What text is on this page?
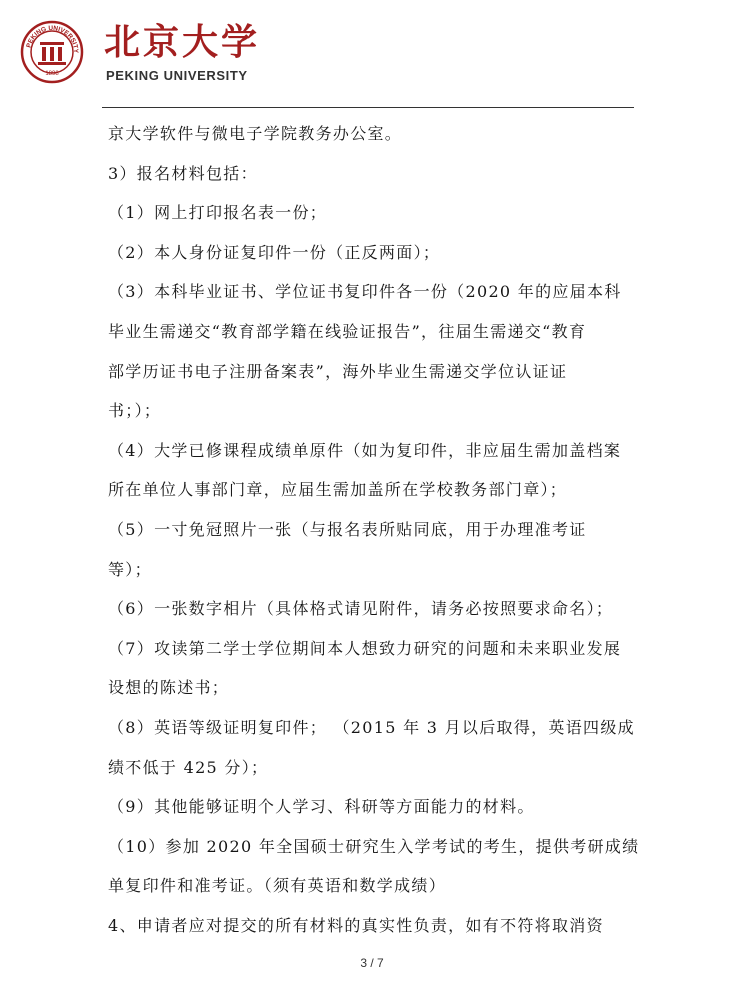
PEKING UNIVERSITY
1898
北京大学
PEKING UNIVERSITY
京大学软件与微电子学院教务办公室。
3）报名材料包括：
（1）网上打印报名表一份；
（2）本人身份证复印件一份（正反两面）；
（3）本科毕业证书、学位证书复印件各一份（2020 年的应届本科
毕业生需递交“教育部学籍在线验证报告”，往届生需递交“教育
部学历证书电子注册备案表”，海外毕业生需递交学位认证证
书；）；
（4）大学已修课程成绩单原件（如为复印件，非应届生需加盖档案
所在单位人事部门章，应届生需加盖所在学校教务部门章）；
（5）一寸免冠照片一张（与报名表所贴同底，用于办理准考证
等）；
（6）一张数字相片（具体格式请见附件，请务必按照要求命名）；
（7）攻读第二学士学位期间本人想致力研究的问题和未来职业发展
设想的陈述书；
（8）英语等级证明复印件； （2015 年 3 月以后取得，英语四级成
绩不低于 425 分）；
（9）其他能够证明个人学习、科研等方面能力的材料。
（10）参加 2020 年全国硕士研究生入学考试的考生，提供考研成绩
单复印件和准考证。（须有英语和数学成绩）
4、申请者应对提交的所有材料的真实性负责，如有不符将取消资
3 / 7
